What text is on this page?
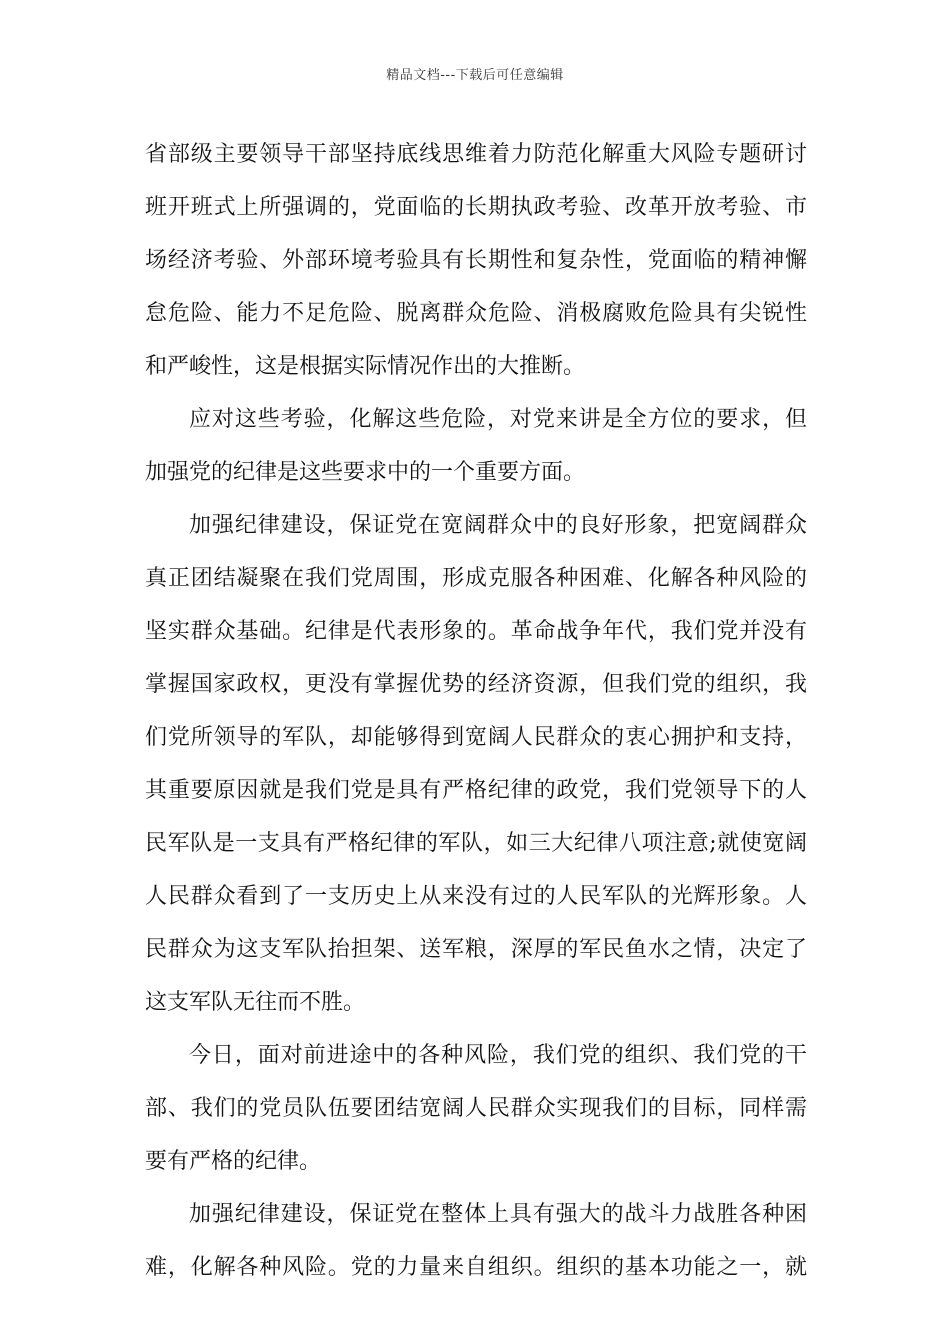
精品文档---下载后可任意编辑
省部级主要领导干部坚持底线思维着力防范化解重大风险专题研讨
班开班式上所强调的，党面临的长期执政考验、改革开放考验、市
场经济考验、外部环境考验具有长期性和复杂性，党面临的精神懈
怠危险、能力不足危险、脱离群众危险、消极腐败危险具有尖锐性
和严峻性，这是根据实际情况作出的大推断。
应对这些考验，化解这些危险，对党来讲是全方位的要求，但
加强党的纪律是这些要求中的一个重要方面。
加强纪律建设，保证党在宽阔群众中的良好形象，把宽阔群众
真正团结凝聚在我们党周围，形成克服各种困难、化解各种风险的
坚实群众基础。纪律是代表形象的。革命战争年代，我们党并没有
掌握国家政权，更没有掌握优势的经济资源，但我们党的组织，我
们党所领导的军队，却能够得到宽阔人民群众的衷心拥护和支持，
其重要原因就是我们党是具有严格纪律的政党，我们党领导下的人
民军队是一支具有严格纪律的军队，如三大纪律八项注意;就使宽阔
人民群众看到了一支历史上从来没有过的人民军队的光辉形象。人
民群众为这支军队抬担架、送军粮，深厚的军民鱼水之情，决定了
这支军队无往而不胜。
今日，面对前进途中的各种风险，我们党的组织、我们党的干
部、我们的党员队伍要团结宽阔人民群众实现我们的目标，同样需
要有严格的纪律。
加强纪律建设，保证党在整体上具有强大的战斗力战胜各种困
难，化解各种风险。党的力量来自组织。组织的基本功能之一，就
